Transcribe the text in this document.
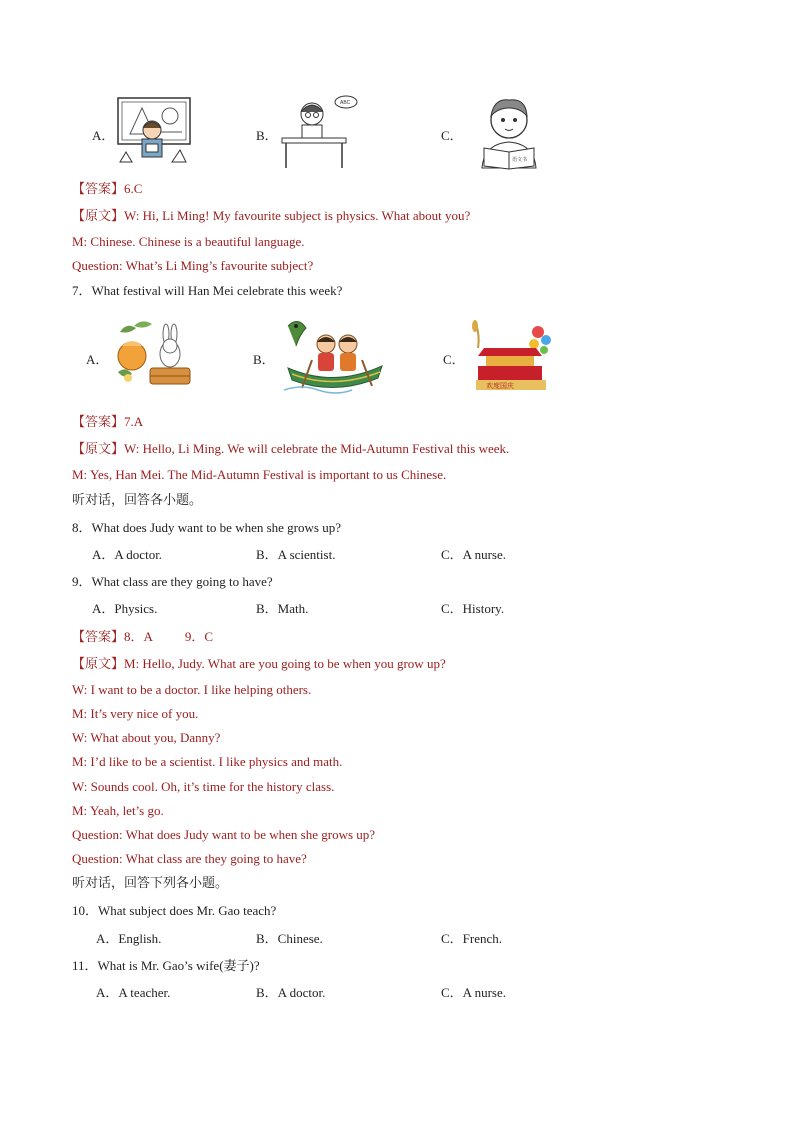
A．	B．
ABC
C．
语文书
【答案】6.C
【原文】W: Hi, Li Ming! My favourite subject is physics. What about you?
M: Chinese. Chinese is a beautiful language.
Question: What’s Li Ming’s favourite subject?
7．What festival will Han Mei celebrate this week?
A．	B．	C．
欢度国庆
【答案】7.A
【原文】W: Hello, Li Ming. We will celebrate the Mid-Autumn Festival this week.
M: Yes, Han Mei. The Mid-Autumn Festival is important to us Chinese.
听对话，回答各小题。
8．What does Judy want to be when she grows up?
A．A doctor.	B．A scientist.	C．A nurse.
9．What class are they going to have?
A．Physics.	B．Math.	C．History.
【答案】8．A 9．C
【原文】M: Hello, Judy. What are you going to be when you grow up?
W: I want to be a doctor. I like helping others.
M: It’s very nice of you.
W: What about you, Danny?
M: I’d like to be a scientist. I like physics and math.
W: Sounds cool. Oh, it’s time for the history class.
M: Yeah, let’s go.
Question: What does Judy want to be when she grows up?
Question: What class are they going to have?
听对话，回答下列各小题。
10．What subject does Mr. Gao teach?
A．English.	B．Chinese.	C．French.
11．What is Mr. Gao’s wife(妻子)?
A．A teacher.	B．A doctor.	C．A nurse.
